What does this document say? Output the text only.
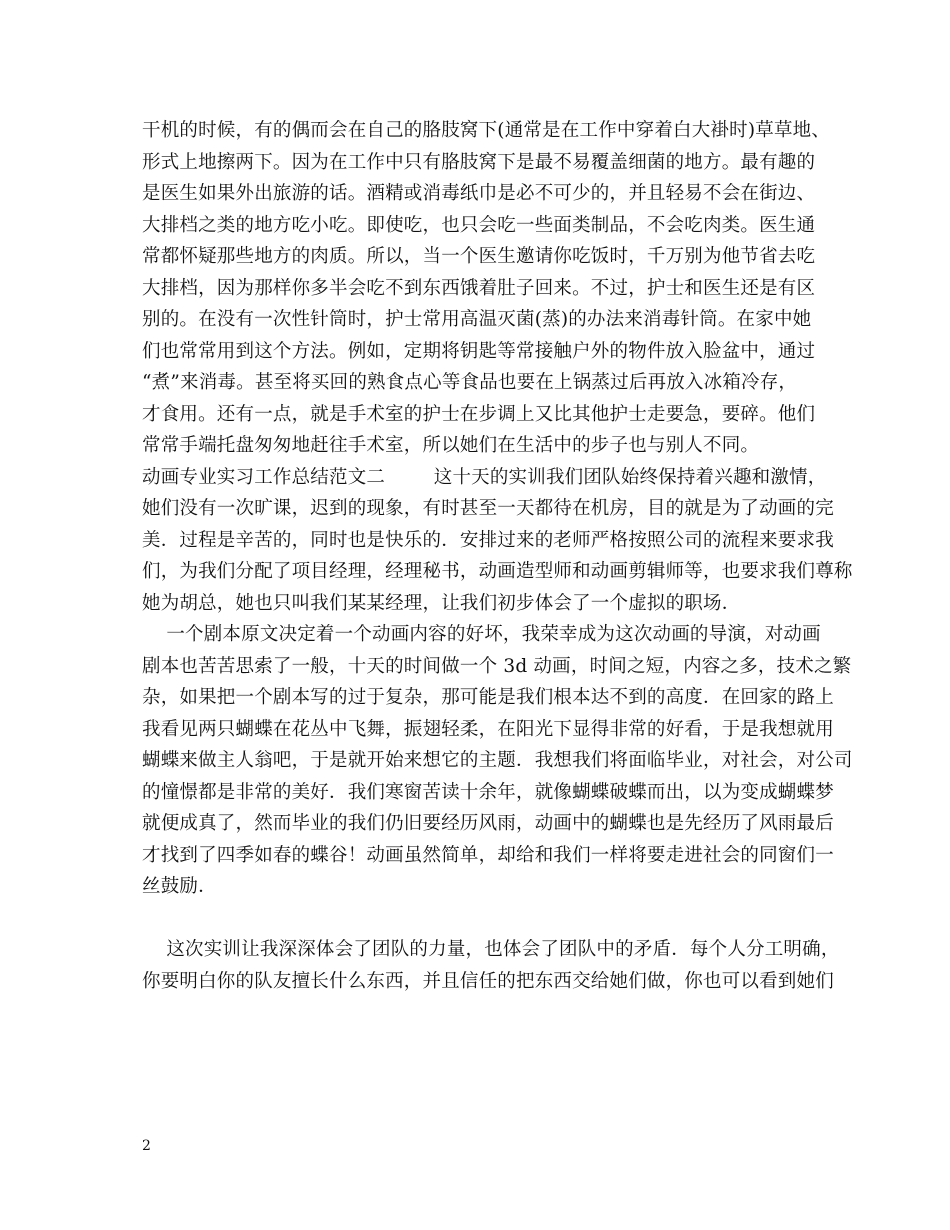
干机的时候，有的偶而会在自己的胳肢窝下(通常是在工作中穿着白大褂时)草草地、
形式上地擦两下。因为在工作中只有胳肢窝下是最不易覆盖细菌的地方。最有趣的
是医生如果外出旅游的话。酒精或消毒纸巾是必不可少的，并且轻易不会在街边、
大排档之类的地方吃小吃。即使吃，也只会吃一些面类制品，不会吃肉类。医生通
常都怀疑那些地方的肉质。所以，当一个医生邀请你吃饭时，千万别为他节省去吃
大排档，因为那样你多半会吃不到东西饿着肚子回来。不过，护士和医生还是有区
别的。在没有一次性针筒时，护士常用高温灭菌(蒸)的办法来消毒针筒。在家中她
们也常常用到这个方法。例如，定期将钥匙等常接触户外的物件放入脸盆中，通过
“煮”来消毒。甚至将买回的熟食点心等食品也要在上锅蒸过后再放入冰箱冷存，
才食用。还有一点，就是手术室的护士在步调上又比其他护士走要急，要碎。他们
常常手端托盘匆匆地赶往手术室，所以她们在生活中的步子也与别人不同。
动画专业实习工作总结范文二        这十天的实训我们团队始终保持着兴趣和激情，
她们没有一次旷课，迟到的现象，有时甚至一天都待在机房，目的就是为了动画的完
美．过程是辛苦的，同时也是快乐的．安排过来的老师严格按照公司的流程来要求我
们，为我们分配了项目经理，经理秘书，动画造型师和动画剪辑师等，也要求我们尊称
她为胡总，她也只叫我们某某经理，让我们初步体会了一个虚拟的职场．
一个剧本原文决定着一个动画内容的好坏，我荣幸成为这次动画的导演，对动画
剧本也苦苦思索了一般，十天的时间做一个 3d 动画，时间之短，内容之多，技术之繁
杂，如果把一个剧本写的过于复杂，那可能是我们根本达不到的高度．在回家的路上
我看见两只蝴蝶在花丛中飞舞，振翅轻柔，在阳光下显得非常的好看，于是我想就用
蝴蝶来做主人翁吧，于是就开始来想它的主题．我想我们将面临毕业，对社会，对公司
的憧憬都是非常的美好．我们寒窗苦读十余年，就像蝴蝶破蝶而出，以为变成蝴蝶梦
就便成真了，然而毕业的我们仍旧要经历风雨，动画中的蝴蝶也是先经历了风雨最后
才找到了四季如春的蝶谷！动画虽然简单，却给和我们一样将要走进社会的同窗们一
丝鼓励．
这次实训让我深深体会了团队的力量，也体会了团队中的矛盾．每个人分工明确，
你要明白你的队友擅长什么东西，并且信任的把东西交给她们做，你也可以看到她们
2
